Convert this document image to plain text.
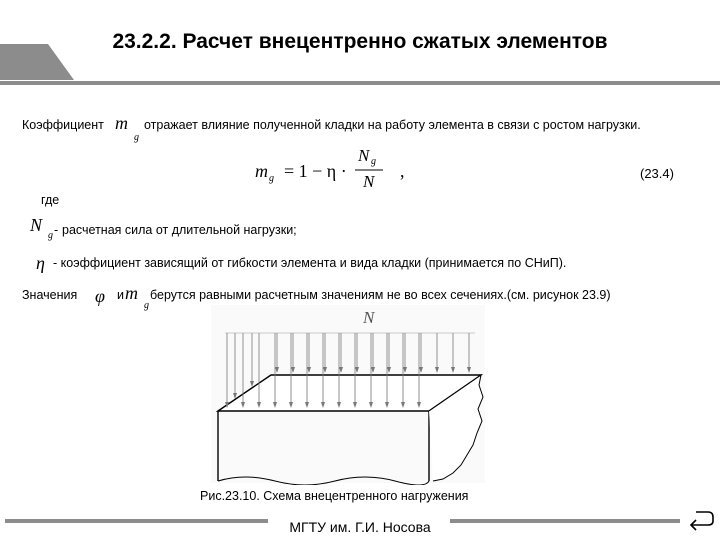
23.2.2. Расчет внецентренно сжатых элементов
Коэффициент m
g
отражает влияние полученной кладки на работу элемента в связи с ростом нагрузки.
m g = 1 − η ·
N g
N
,	(23.4)
где
N
g - расчетная сила от длительной нагрузки;
η - коэффициент зависящий от гибкости элемента и вида кладки (принимается по СНиП).
Значения φ и m
g
берутся равными расчетным значениям не во всех сечениях.(см. рисунок 23.9)
N
Рис.23.10. Схема внецентренного нагружения
МГТУ им. Г.И. Носова
